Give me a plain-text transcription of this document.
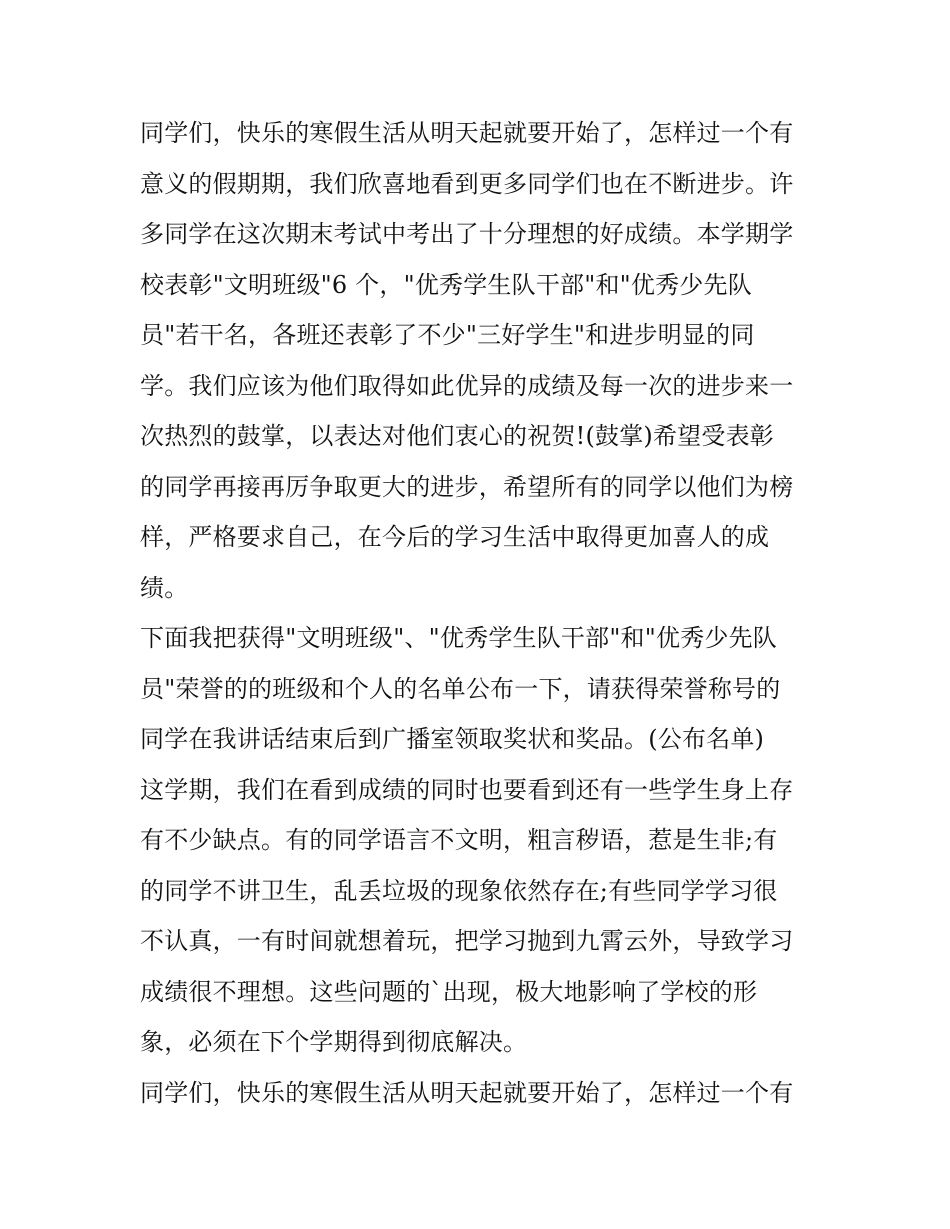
同学们，快乐的寒假生活从明天起就要开始了，怎样过一个有
意义的假期期，我们欣喜地看到更多同学们也在不断进步。许
多同学在这次期末考试中考出了十分理想的好成绩。本学期学
校表彰"文明班级"6 个，"优秀学生队干部"和"优秀少先队
员"若干名，各班还表彰了不少"三好学生"和进步明显的同
学。我们应该为他们取得如此优异的成绩及每一次的进步来一
次热烈的鼓掌，以表达对他们衷心的祝贺!(鼓掌)希望受表彰
的同学再接再厉争取更大的进步，希望所有的同学以他们为榜
样，严格要求自己，在今后的学习生活中取得更加喜人的成
绩。
下面我把获得"文明班级"、"优秀学生队干部"和"优秀少先队
员"荣誉的的班级和个人的名单公布一下，请获得荣誉称号的
同学在我讲话结束后到广播室领取奖状和奖品。(公布名单)
这学期，我们在看到成绩的同时也要看到还有一些学生身上存
有不少缺点。有的同学语言不文明，粗言秽语，惹是生非;有
的同学不讲卫生，乱丢垃圾的现象依然存在;有些同学学习很
不认真，一有时间就想着玩，把学习抛到九霄云外，导致学习
成绩很不理想。这些问题的`出现，极大地影响了学校的形
象，必须在下个学期得到彻底解决。
同学们，快乐的寒假生活从明天起就要开始了，怎样过一个有
